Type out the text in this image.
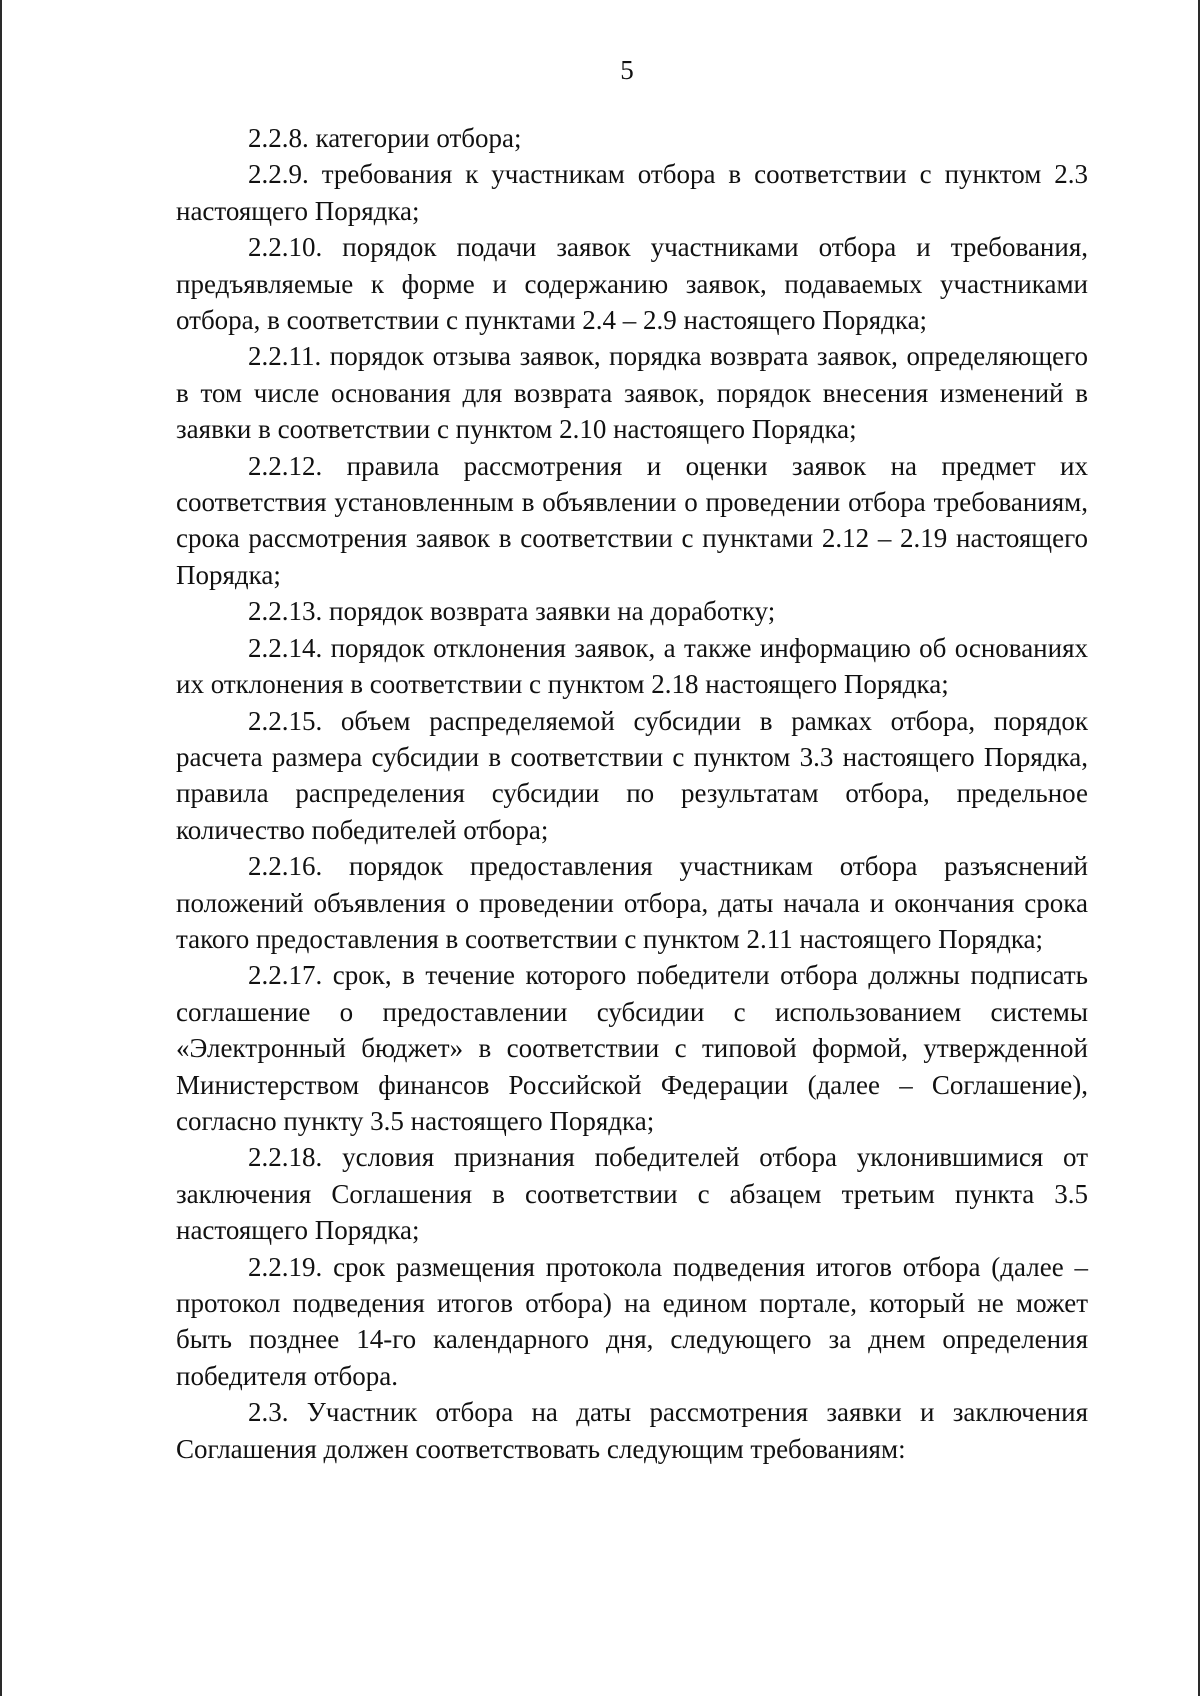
5

2.2.8. категории отбора;

2.2.9. требования к участникам отбора в соответствии с пунктом 2.3 настоящего Порядка;

2.2.10. порядок подачи заявок участниками отбора и требования, предъявляемые к форме и содержанию заявок, подаваемых участниками отбора, в соответствии с пунктами 2.4 – 2.9 настоящего Порядка;

2.2.11. порядок отзыва заявок, порядка возврата заявок, определяющего в том числе основания для возврата заявок, порядок внесения изменений в заявки в соответствии с пунктом 2.10 настоящего Порядка;

2.2.12. правила рассмотрения и оценки заявок на предмет их соответствия установленным в объявлении о проведении отбора требованиям, срока рассмотрения заявок в соответствии с пунктами 2.12 – 2.19 настоящего Порядка;

2.2.13. порядок возврата заявки на доработку;

2.2.14. порядок отклонения заявок, а также информацию об основаниях их отклонения в соответствии с пунктом 2.18 настоящего Порядка;

2.2.15. объем распределяемой субсидии в рамках отбора, порядок расчета размера субсидии в соответствии с пунктом 3.3 настоящего Порядка, правила распределения субсидии по результатам отбора, предельное количество победителей отбора;

2.2.16. порядок предоставления участникам отбора разъяснений положений объявления о проведении отбора, даты начала и окончания срока такого предоставления в соответствии с пунктом 2.11 настоящего Порядка;

2.2.17. срок, в течение которого победители отбора должны подписать соглашение о предоставлении субсидии с использованием системы «Электронный бюджет» в соответствии с типовой формой, утвержденной Министерством финансов Российской Федерации (далее – Соглашение), согласно пункту 3.5 настоящего Порядка;

2.2.18. условия признания победителей отбора уклонившимися от заключения Соглашения в соответствии с абзацем третьим пункта 3.5 настоящего Порядка;

2.2.19. срок размещения протокола подведения итогов отбора (далее – протокол подведения итогов отбора) на едином портале, который не может быть позднее 14-го календарного дня, следующего за днем определения победителя отбора.

2.3. Участник отбора на даты рассмотрения заявки и заключения Соглашения должен соответствовать следующим требованиям:
